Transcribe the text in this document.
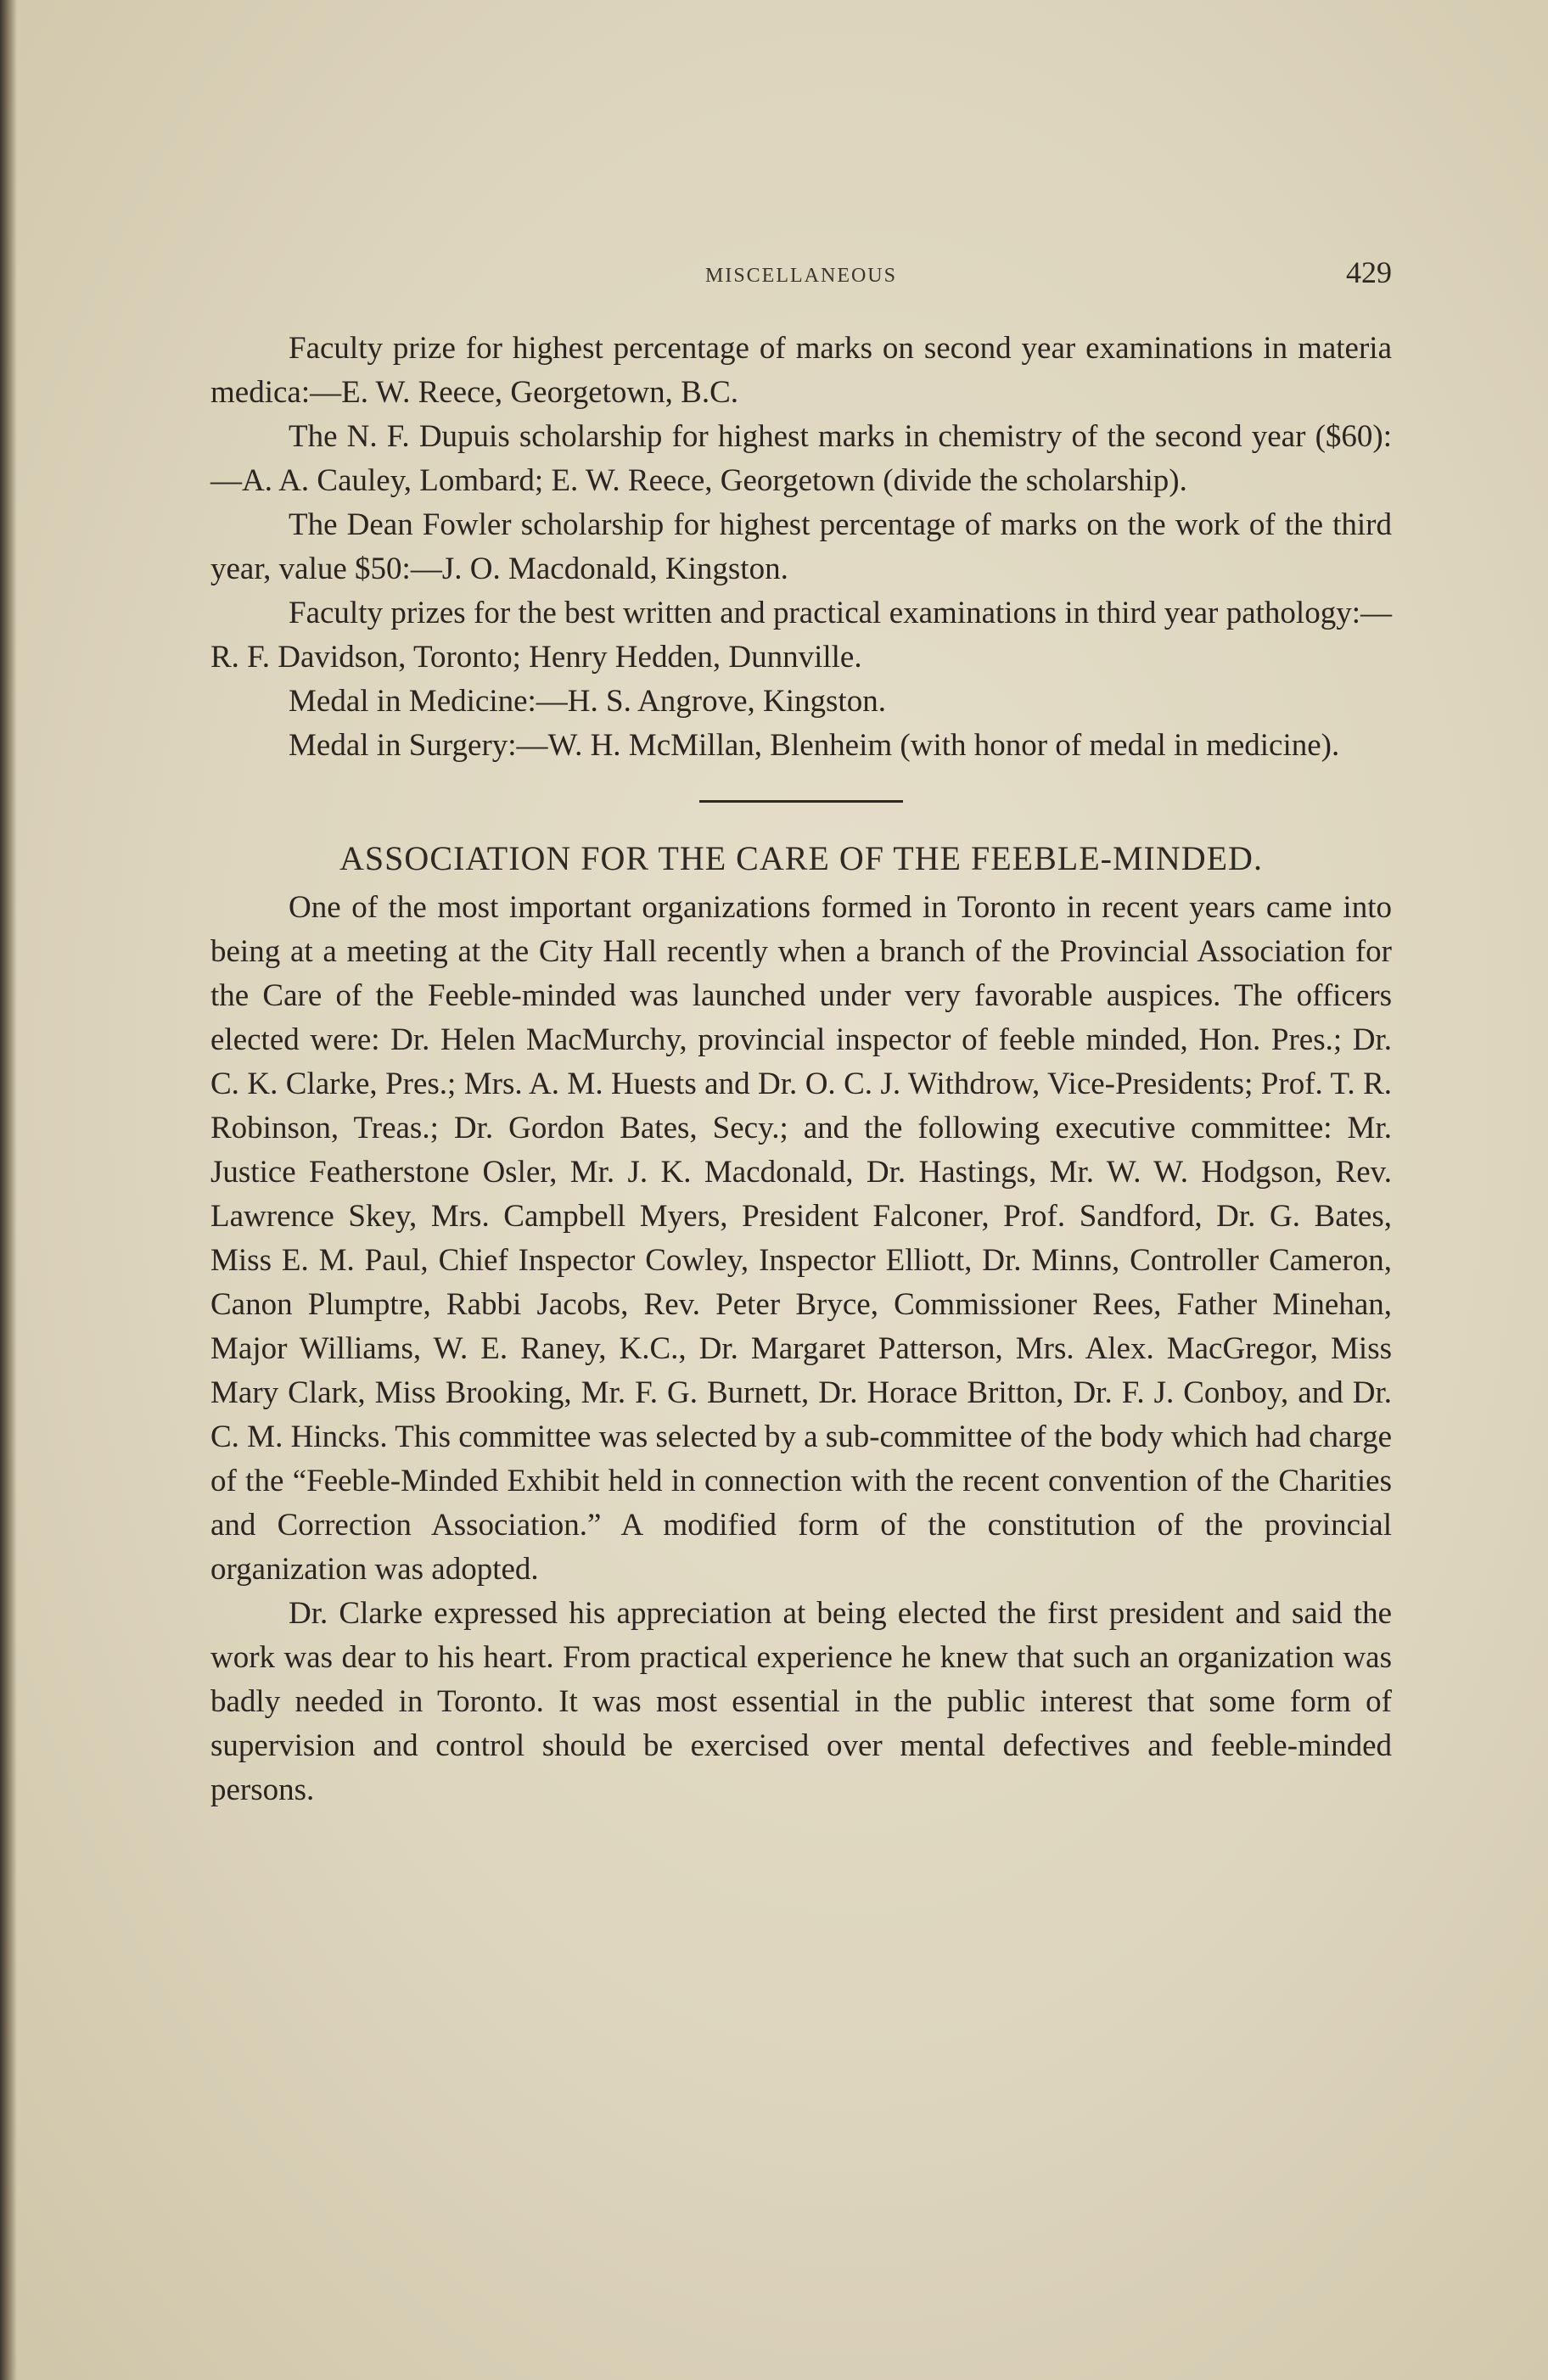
MISCELLANEOUS	429

Faculty prize for highest percentage of marks on second year examinations in materia medica:—E. W. Reece, Georgetown, B.C.

The N. F. Dupuis scholarship for highest marks in chemistry of the second year ($60):—A. A. Cauley, Lombard; E. W. Reece, Georgetown (divide the scholarship).

The Dean Fowler scholarship for highest percentage of marks on the work of the third year, value $50:—J. O. Macdonald, Kingston.

Faculty prizes for the best written and practical examinations in third year pathology:—R. F. Davidson, Toronto; Henry Hedden, Dunnville.

Medal in Medicine:—H. S. Angrove, Kingston.

Medal in Surgery:—W. H. McMillan, Blenheim (with honor of medal in medicine).

ASSOCIATION FOR THE CARE OF THE FEEBLE-MINDED.

One of the most important organizations formed in Toronto in recent years came into being at a meeting at the City Hall recently when a branch of the Provincial Association for the Care of the Feeble-minded was launched under very favorable auspices. The officers elected were: Dr. Helen MacMurchy, provincial inspector of feeble minded, Hon. Pres.; Dr. C. K. Clarke, Pres.; Mrs. A. M. Huests and Dr. O. C. J. Withdrow, Vice-Presidents; Prof. T. R. Robinson, Treas.; Dr. Gordon Bates, Secy.; and the following executive committee: Mr. Justice Featherstone Osler, Mr. J. K. Macdonald, Dr. Hastings, Mr. W. W. Hodgson, Rev. Lawrence Skey, Mrs. Campbell Myers, President Falconer, Prof. Sandford, Dr. G. Bates, Miss E. M. Paul, Chief Inspector Cowley, Inspector Elliott, Dr. Minns, Controller Cameron, Canon Plumptre, Rabbi Jacobs, Rev. Peter Bryce, Commissioner Rees, Father Minehan, Major Williams, W. E. Raney, K.C., Dr. Margaret Patterson, Mrs. Alex. MacGregor, Miss Mary Clark, Miss Brooking, Mr. F. G. Burnett, Dr. Horace Britton, Dr. F. J. Conboy, and Dr. C. M. Hincks. This committee was selected by a sub-committee of the body which had charge of the “Feeble-Minded Exhibit held in connection with the recent convention of the Charities and Correction Association.” A modified form of the constitution of the provincial organization was adopted.

Dr. Clarke expressed his appreciation at being elected the first president and said the work was dear to his heart. From practical experience he knew that such an organization was badly needed in Toronto. It was most essential in the public interest that some form of supervision and control should be exercised over mental defectives and feeble-minded persons.
